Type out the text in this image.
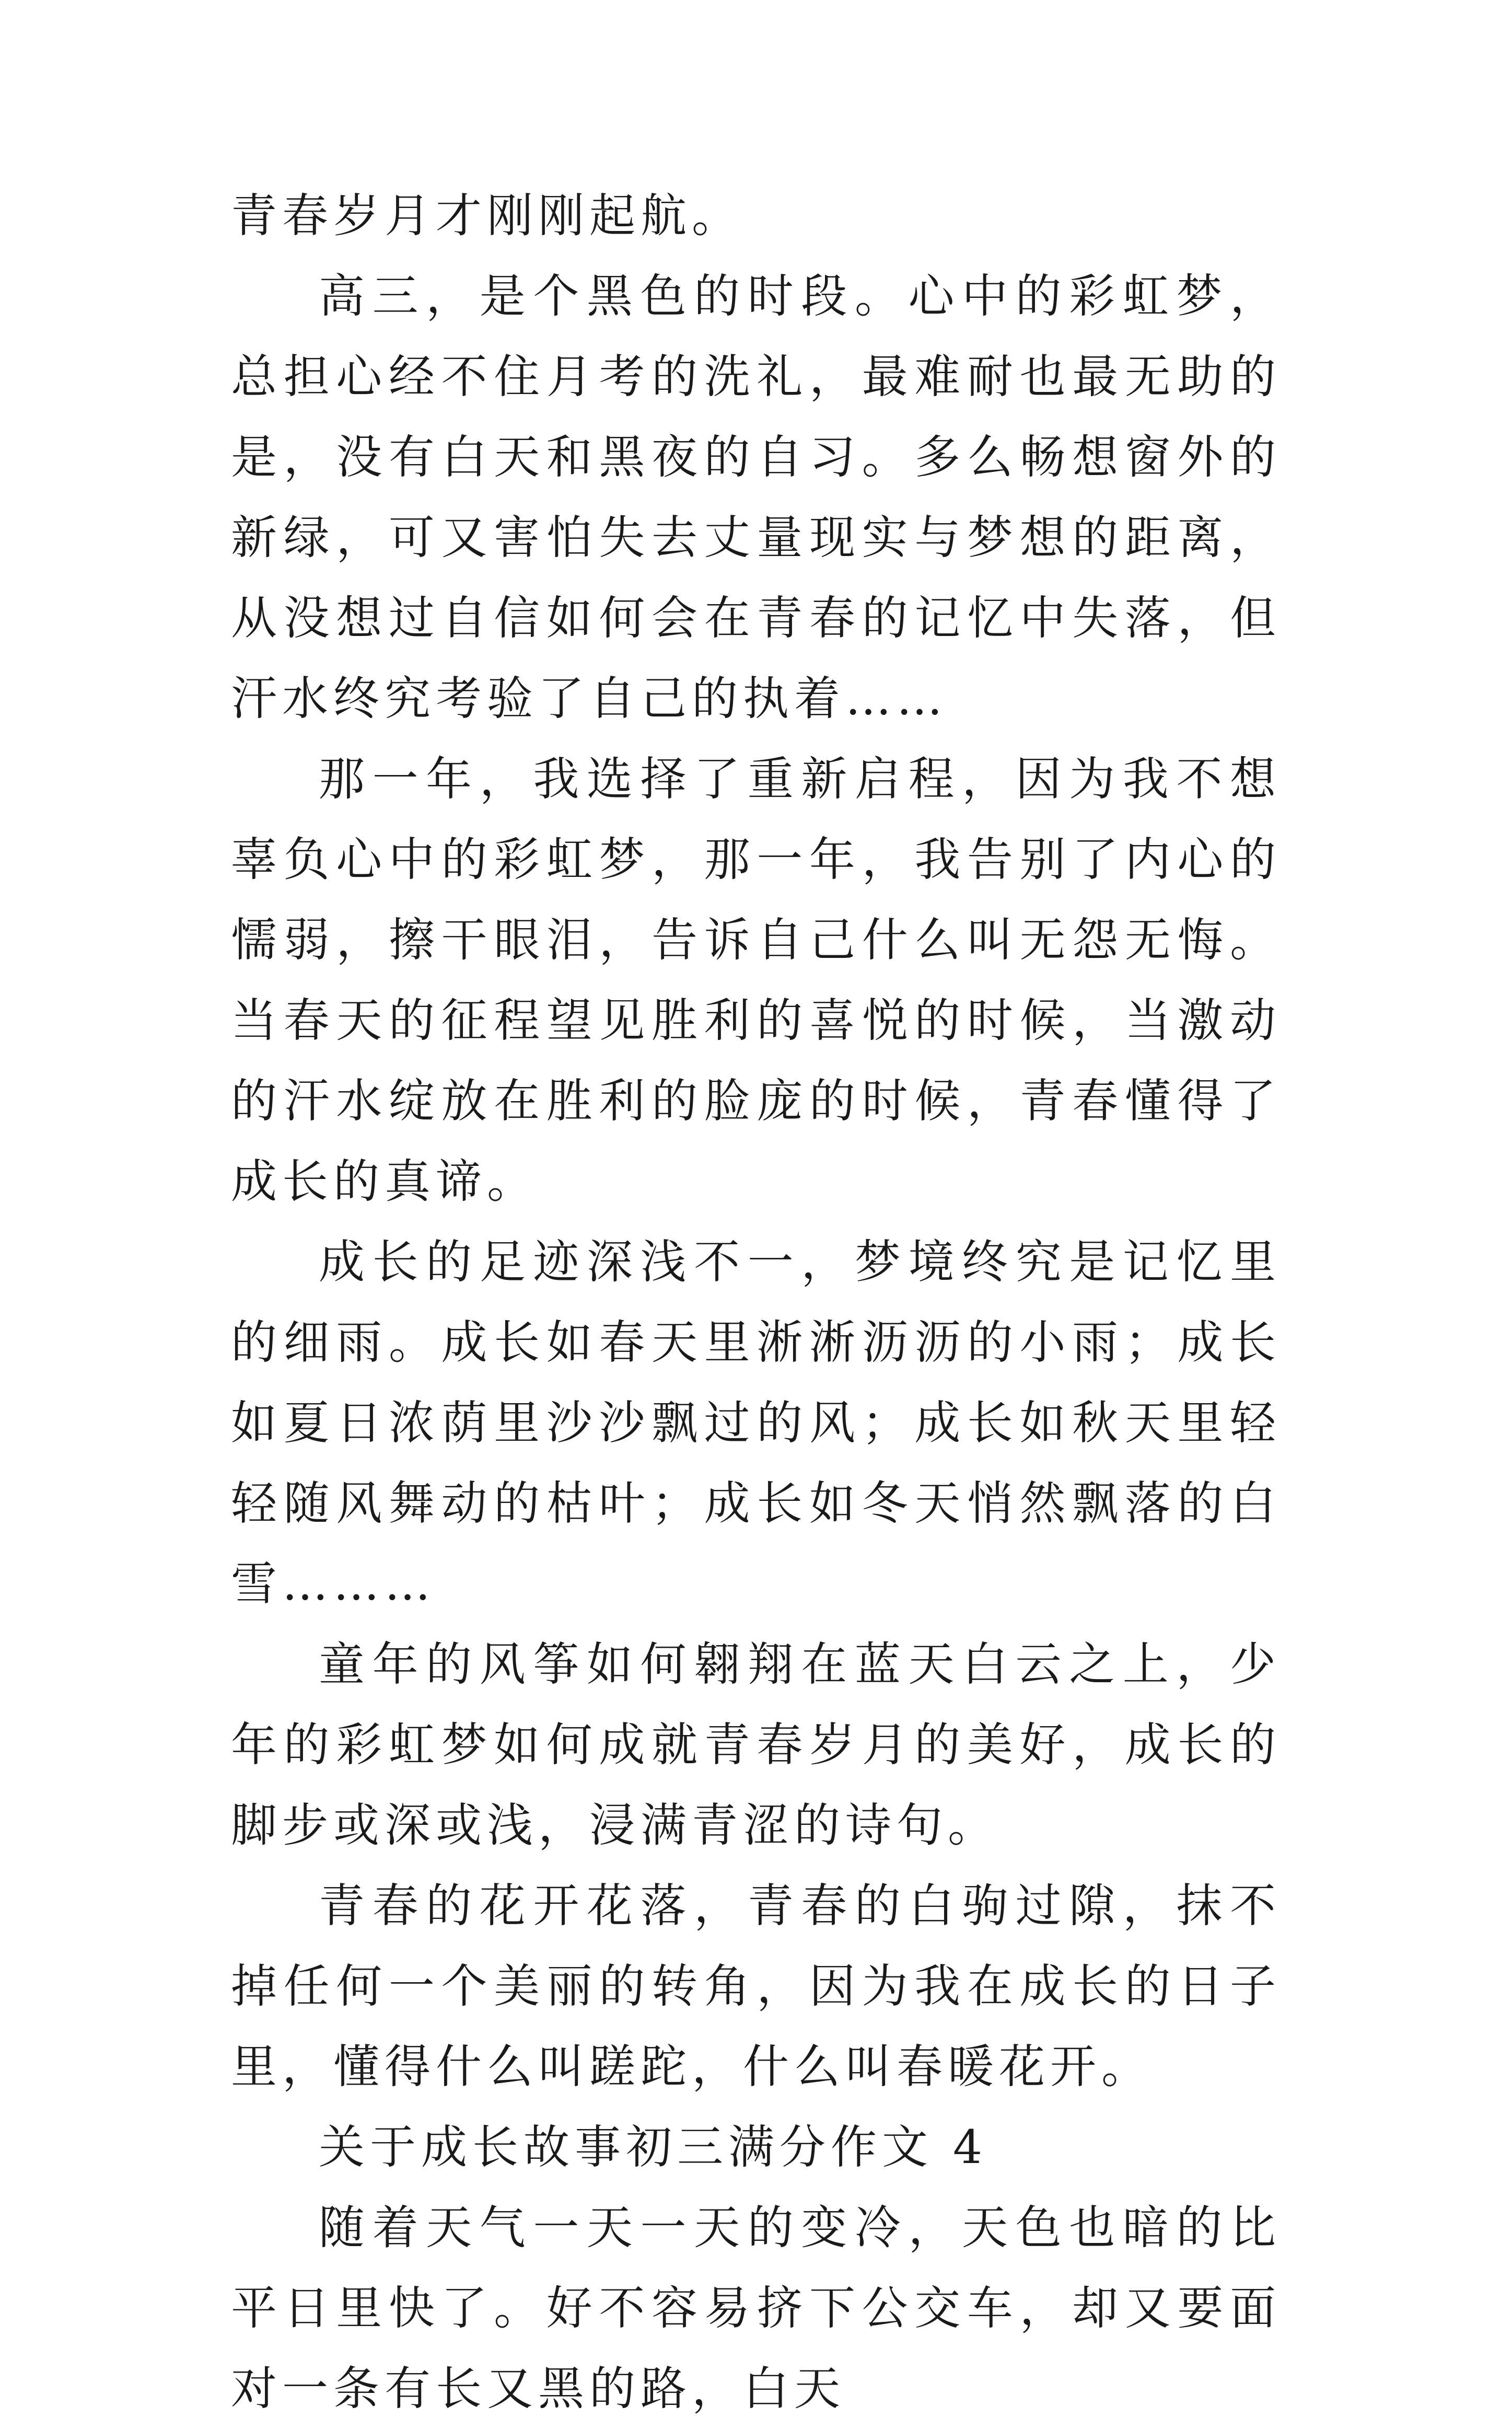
青春岁月才刚刚起航。

高三，是个黑色的时段。心中的彩虹梦，总担心经不住月考的洗礼，最难耐也最无助的是，没有白天和黑夜的自习。多么畅想窗外的新绿，可又害怕失去丈量现实与梦想的距离，从没想过自信如何会在青春的记忆中失落，但汗水终究考验了自己的执着……

那一年，我选择了重新启程，因为我不想辜负心中的彩虹梦，那一年，我告别了内心的懦弱，擦干眼泪，告诉自己什么叫无怨无悔。当春天的征程望见胜利的喜悦的时候，当激动的汗水绽放在胜利的脸庞的时候，青春懂得了成长的真谛。

成长的足迹深浅不一，梦境终究是记忆里的细雨。成长如春天里淅淅沥沥的小雨；成长如夏日浓荫里沙沙飘过的风；成长如秋天里轻轻随风舞动的枯叶；成长如冬天悄然飘落的白雪………

童年的风筝如何翱翔在蓝天白云之上，少年的彩虹梦如何成就青春岁月的美好，成长的脚步或深或浅，浸满青涩的诗句。

青春的花开花落，青春的白驹过隙，抹不掉任何一个美丽的转角，因为我在成长的日子里，懂得什么叫蹉跎，什么叫春暖花开。

关于成长故事初三满分作文 4

随着天气一天一天的变冷，天色也暗的比平日里快了。好不容易挤下公交车，却又要面对一条有长又黑的路，白天
